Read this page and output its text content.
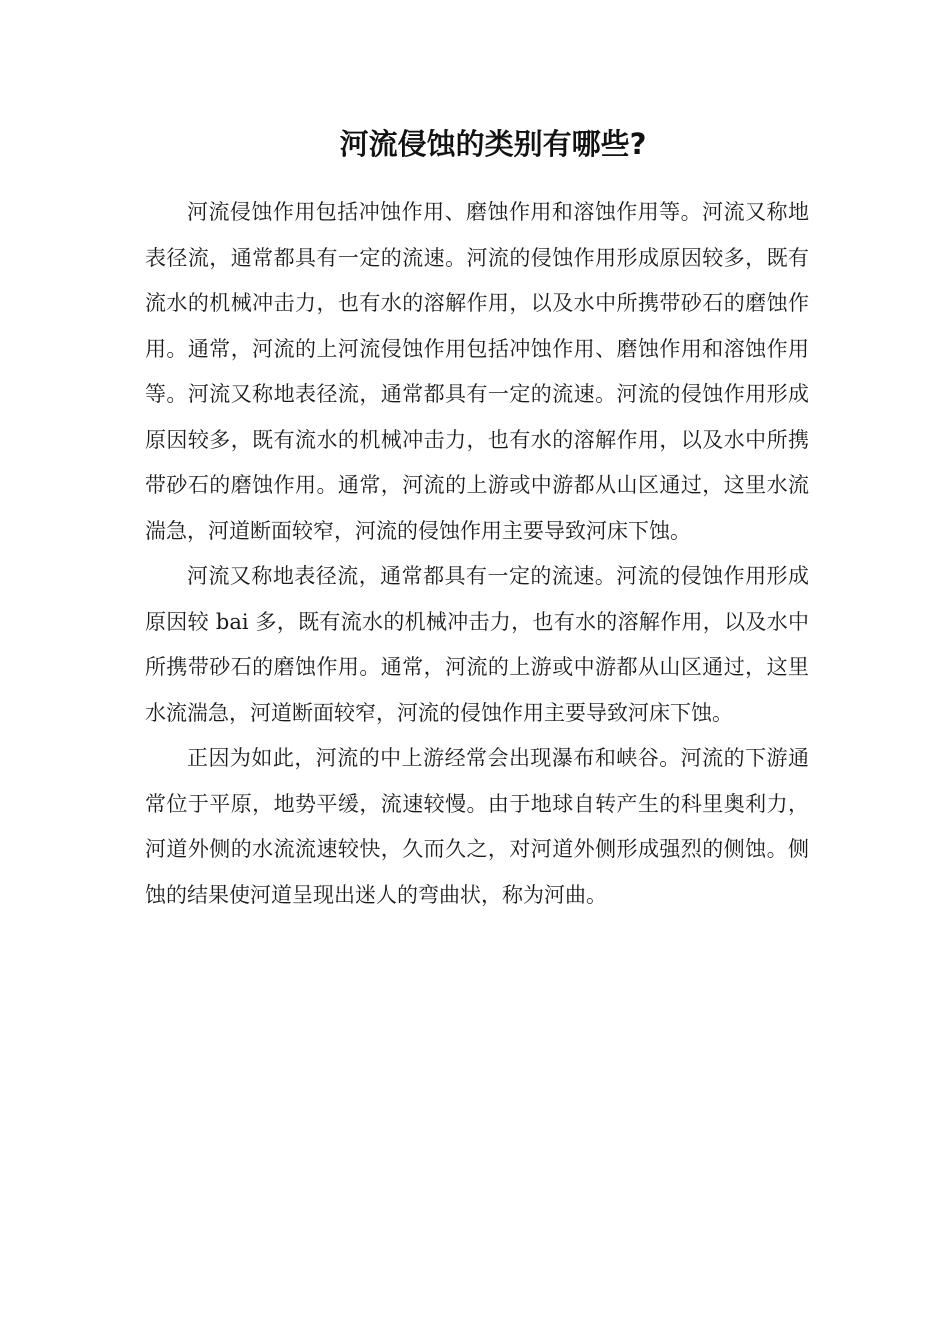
河流侵蚀的类别有哪些?

河流侵蚀作用包括冲蚀作用、磨蚀作用和溶蚀作用等。河流又称地表径流，通常都具有一定的流速。河流的侵蚀作用形成原因较多，既有流水的机械冲击力，也有水的溶解作用，以及水中所携带砂石的磨蚀作用。通常，河流的上河流侵蚀作用包括冲蚀作用、磨蚀作用和溶蚀作用等。河流又称地表径流，通常都具有一定的流速。河流的侵蚀作用形成原因较多，既有流水的机械冲击力，也有水的溶解作用，以及水中所携带砂石的磨蚀作用。通常，河流的上游或中游都从山区通过，这里水流湍急，河道断面较窄，河流的侵蚀作用主要导致河床下蚀。

河流又称地表径流，通常都具有一定的流速。河流的侵蚀作用形成原因较 bai 多，既有流水的机械冲击力，也有水的溶解作用，以及水中所携带砂石的磨蚀作用。通常，河流的上游或中游都从山区通过，这里水流湍急，河道断面较窄，河流的侵蚀作用主要导致河床下蚀。

正因为如此，河流的中上游经常会出现瀑布和峡谷。河流的下游通常位于平原，地势平缓，流速较慢。由于地球自转产生的科里奥利力，河道外侧的水流流速较快，久而久之，对河道外侧形成强烈的侧蚀。侧蚀的结果使河道呈现出迷人的弯曲状，称为河曲。
